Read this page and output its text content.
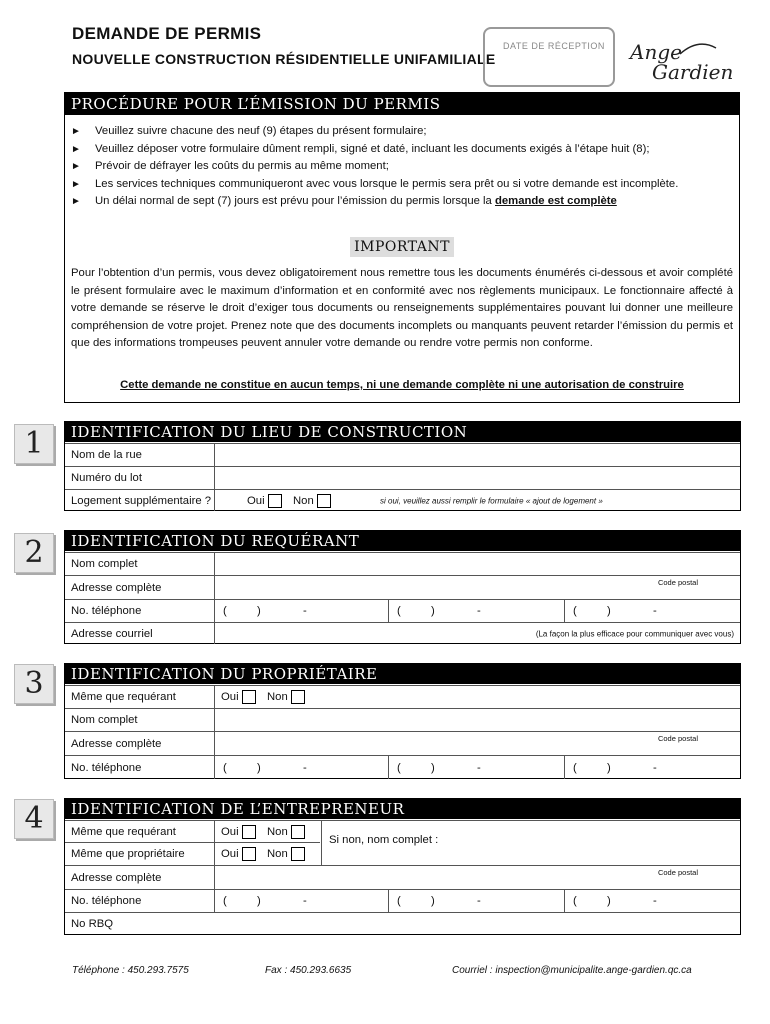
DEMANDE DE PERMIS
NOUVELLE CONSTRUCTION RÉSIDENTIELLE UNIFAMILIALE
DATE DE RÉCEPTION Ange
Gardien
PROCÉDURE POUR L’ÉMISSION DU PERMIS
► Veuillez suivre chacune des neuf (9) étapes du présent formulaire;
► Veuillez déposer votre formulaire dûment rempli, signé et daté, incluant les documents exigés à l’étape huit (8);
► Prévoir de défrayer les coûts du permis au même moment;
► Les services techniques communiqueront avec vous lorsque le permis sera prêt ou si votre demande est incomplète.
► Un délai normal de sept (7) jours est prévu pour l’émission du permis lorsque la demande est complète
IMPORTANT
Pour l’obtention d’un permis, vous devez obligatoirement nous remettre tous les documents énumérés ci-dessous et avoir complété le présent formulaire avec le maximum d’information et en conformité avec nos règlements municipaux. Le fonctionnaire affecté à votre demande se réserve le droit d’exiger tous documents ou renseignements supplémentaires pouvant lui donner une meilleure compréhension de votre projet. Prenez note que des documents incomplets ou manquants peuvent retarder l’émission du permis et que des informations trompeuses peuvent annuler votre demande ou rendre votre permis non conforme.
Cette demande ne constitue en aucun temps, ni une demande complète ni une autorisation de construire
1	IDENTIFICATION DU LIEU DE CONSTRUCTION
Nom de la rue
Numéro du lot
Logement supplémentaire ?	Oui	Non	si oui, veuillez aussi remplir le formulaire « ajout de logement »
2	IDENTIFICATION DU REQUÉRANT
Nom complet
Adresse complète	Code postal
No. téléphone	(	)	-	(	)	-	(	)	-
Adresse courriel	(La façon la plus efficace pour communiquer avec vous)
3	IDENTIFICATION DU PROPRIÉTAIRE
Même que requérant	Oui	Non
Nom complet
Adresse complète	Code postal
No. téléphone	(	)	-	(	)	-	(	)	-
4	IDENTIFICATION DE L’ENTREPRENEUR
Même que requérant	Oui	Non
Même que propriétaire	Oui	Non
Si non, nom complet :
Adresse complète	Code postal
No. téléphone	(	)	-	(	)	-	(	)	-
No RBQ
Téléphone : 450.293.7575	Fax : 450.293.6635	Courriel : inspection@municipalite.ange-gardien.qc.ca
